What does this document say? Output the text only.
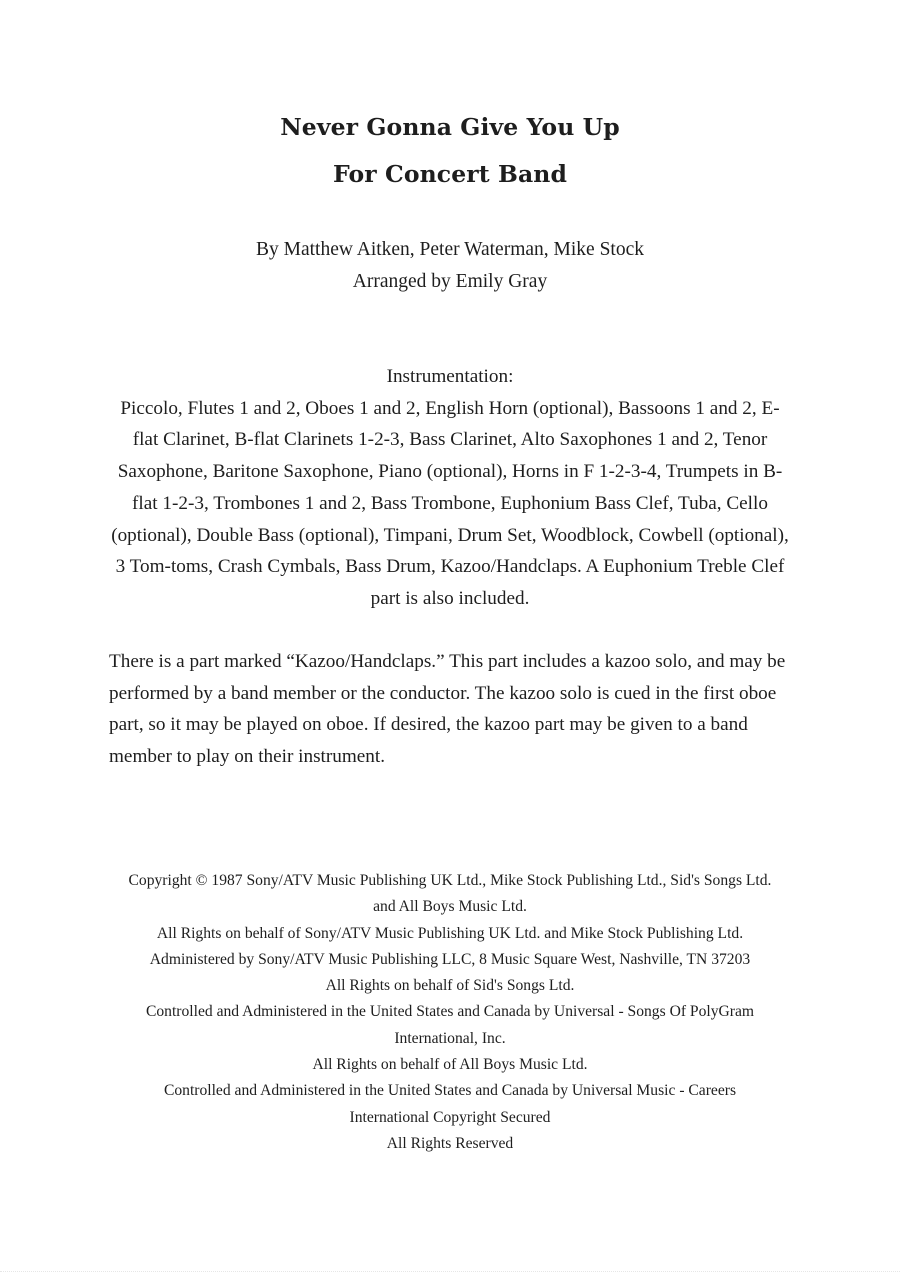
Never Gonna Give You Up
For Concert Band
By Matthew Aitken, Peter Waterman, Mike Stock
Arranged by Emily Gray

Instrumentation:

Piccolo, Flutes 1 and 2, Oboes 1 and 2, English Horn (optional), Bassoons 1 and 2, E-flat Clarinet, B-flat Clarinets 1-2-3, Bass Clarinet, Alto Saxophones 1 and 2, Tenor Saxophone, Baritone Saxophone, Piano (optional), Horns in F 1-2-3-4, Trumpets in B-flat 1-2-3, Trombones 1 and 2, Bass Trombone, Euphonium Bass Clef, Tuba, Cello (optional), Double Bass (optional), Timpani, Drum Set, Woodblock, Cowbell (optional), 3 Tom-toms, Crash Cymbals, Bass Drum, Kazoo/Handclaps. A Euphonium Treble Clef part is also included.

There is a part marked “Kazoo/Handclaps.” This part includes a kazoo solo, and may be performed by a band member or the conductor. The kazoo solo is cued in the first oboe part, so it may be played on oboe. If desired, the kazoo part may be given to a band member to play on their instrument.

Copyright © 1987 Sony/ATV Music Publishing UK Ltd., Mike Stock Publishing Ltd., Sid's Songs Ltd.
and All Boys Music Ltd.
All Rights on behalf of Sony/ATV Music Publishing UK Ltd. and Mike Stock Publishing Ltd.
Administered by Sony/ATV Music Publishing LLC, 8 Music Square West, Nashville, TN 37203
All Rights on behalf of Sid's Songs Ltd.
Controlled and Administered in the United States and Canada by Universal - Songs Of PolyGram
International, Inc.
All Rights on behalf of All Boys Music Ltd.
Controlled and Administered in the United States and Canada by Universal Music - Careers
International Copyright Secured
All Rights Reserved
